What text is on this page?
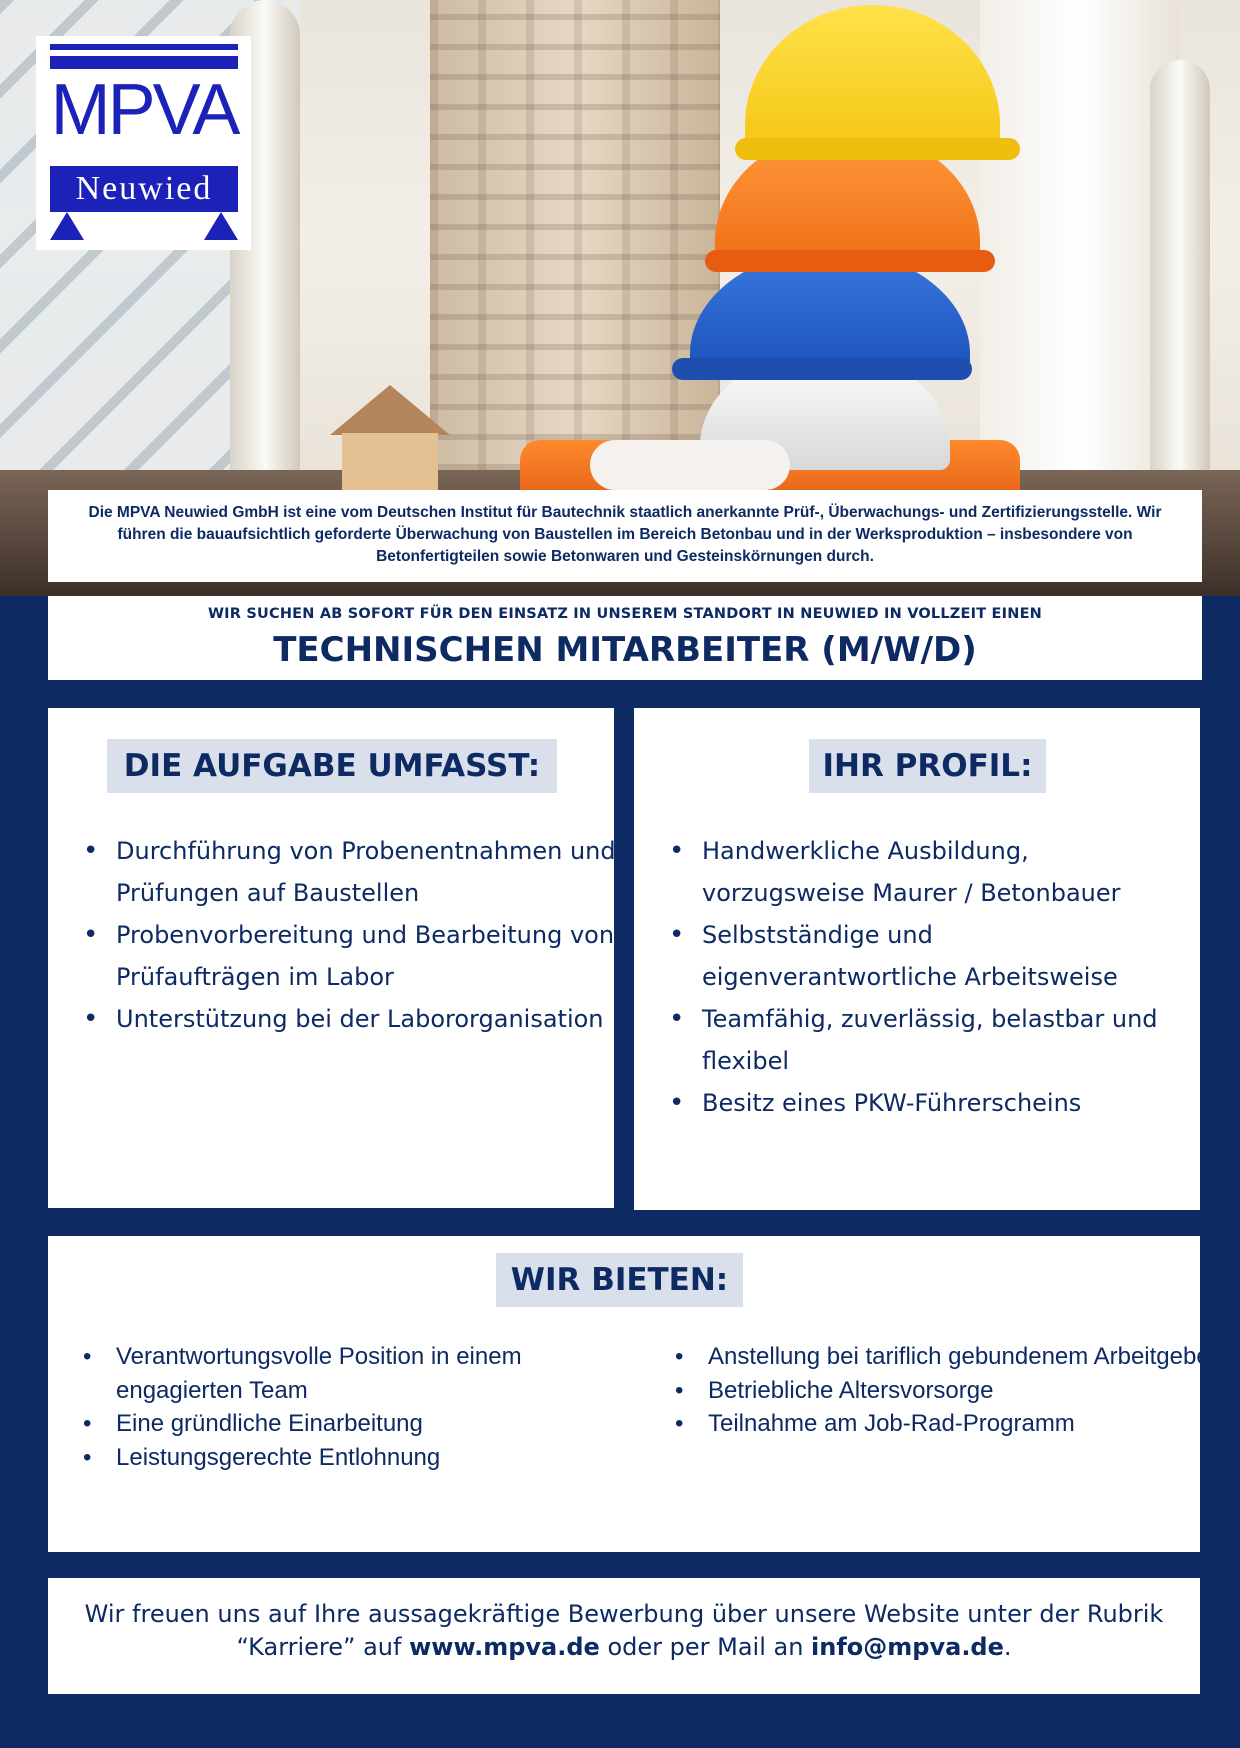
MPVA
Neuwied

Die MPVA Neuwied GmbH ist eine vom Deutschen Institut für Bautechnik staatlich anerkannte Prüf-, Überwachungs- und Zertifizierungsstelle. Wir führen die bauaufsichtlich geforderte Überwachung von Baustellen im Bereich Betonbau und in der Werksproduktion – insbesondere von Betonfertigteilen sowie Betonwaren und Gesteinskörnungen durch.

WIR SUCHEN AB SOFORT FÜR DEN EINSATZ IN UNSEREM STANDORT IN NEUWIED IN VOLLZEIT EINEN
TECHNISCHEN MITARBEITER (M/W/D)
DIE AUFGABE UMFASST:
• Durchführung von Probenentnahmen und Prüfungen auf Baustellen
• Probenvorbereitung und Bearbeitung von Prüfaufträgen im Labor
• Unterstützung bei der Labororganisation
IHR PROFIL:
• Handwerkliche Ausbildung, vorzugsweise Maurer / Betonbauer
• Selbstständige und eigenverantwortliche Arbeitsweise
• Teamfähig, zuverlässig, belastbar und flexibel
• Besitz eines PKW-Führerscheins
WIR BIETEN:
• Verantwortungsvolle Position in einem engagierten Team
• Eine gründliche Einarbeitung
• Leistungsgerechte Entlohnung
• Anstellung bei tariflich gebundenem Arbeitgeber
• Betriebliche Altersvorsorge
• Teilnahme am Job-Rad-Programm
Wir freuen uns auf Ihre aussagekräftige Bewerbung über unsere Website unter der Rubrik “Karriere” auf www.mpva.de oder per Mail an info@mpva.de.
